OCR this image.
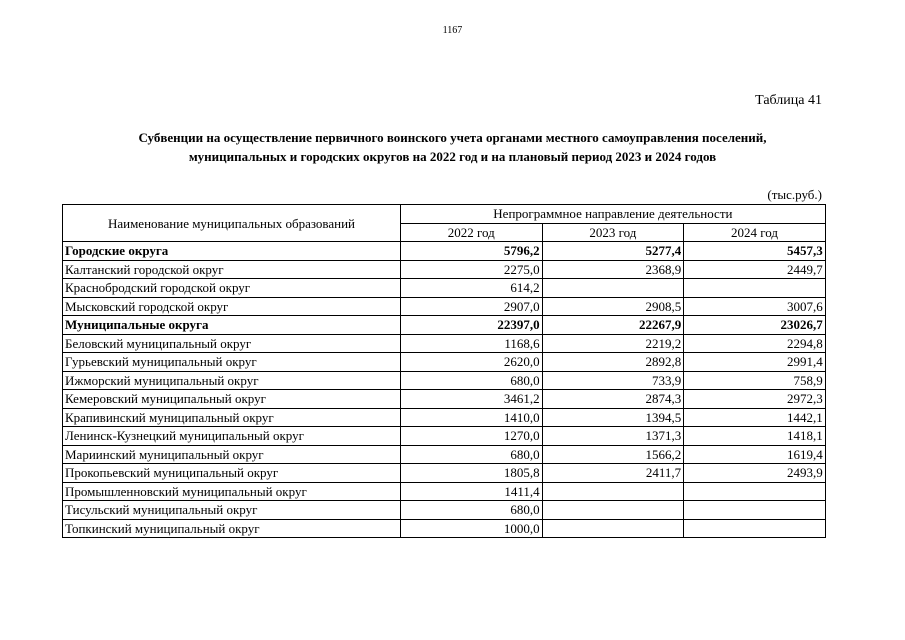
1167
Таблица 41
Субвенции на осуществление первичного воинского учета органами местного самоуправления поселений,
муниципальных и городских округов на 2022 год и на плановый период 2023 и 2024 годов
(тыс.руб.)
Наименование муниципальных образований	Непрограммное направление деятельности		
	2022 год	2023 год	2024 год
Городские округа	5796,2	5277,4	5457,3
Калтанский городской округ	2275,0	2368,9	2449,7
Краснобродский городской округ	614,2		
Мысковский городской округ	2907,0	2908,5	3007,6
Муниципальные округа	22397,0	22267,9	23026,7
Беловский муниципальный округ	1168,6	2219,2	2294,8
Гурьевский муниципальный округ	2620,0	2892,8	2991,4
Ижморский муниципальный округ	680,0	733,9	758,9
Кемеровский муниципальный округ	3461,2	2874,3	2972,3
Крапивинский муниципальный округ	1410,0	1394,5	1442,1
Ленинск-Кузнецкий муниципальный округ	1270,0	1371,3	1418,1
Мариинский муниципальный округ	680,0	1566,2	1619,4
Прокопьевский муниципальный округ	1805,8	2411,7	2493,9
Промышленновский муниципальный округ	1411,4		
Тисульский муниципальный округ	680,0		
Топкинский муниципальный округ	1000,0		
